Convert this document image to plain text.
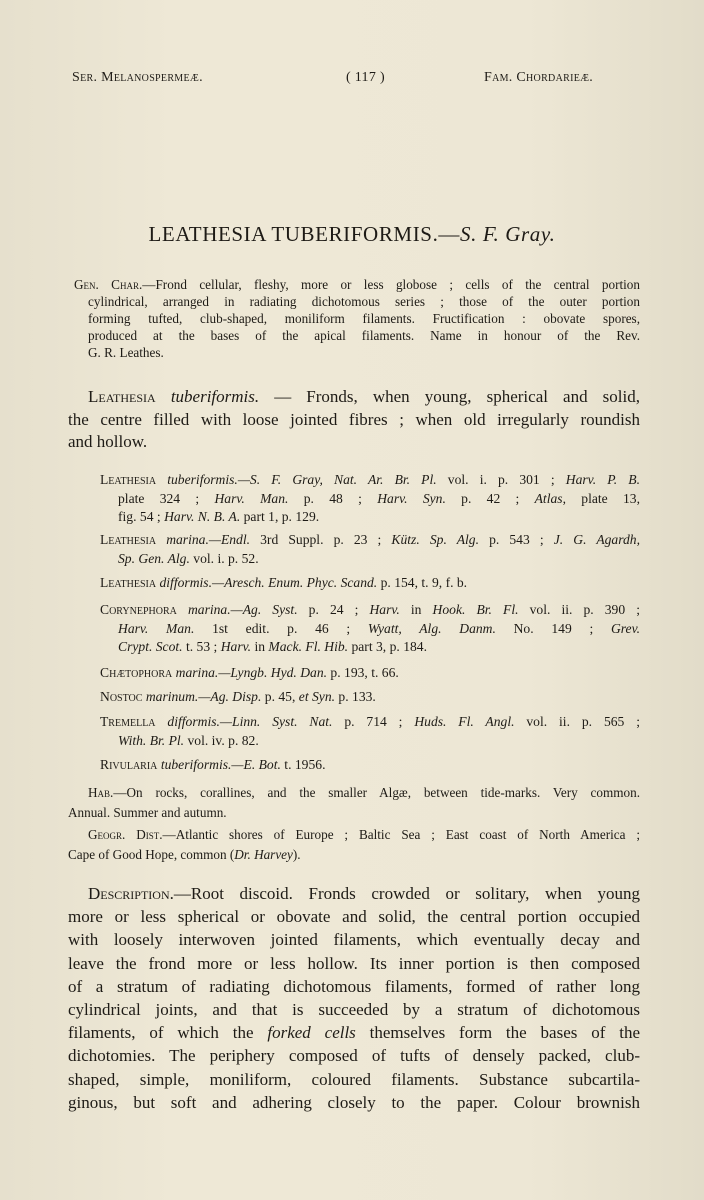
Ser. Melanospermeæ.	( 117 )	Fam. Chordarieæ.
LEATHESIA TUBERIFORMIS.—S. F. Gray.
Gen. Char.—Frond cellular, fleshy, more or less globose ; cells of the central portion
cylindrical, arranged in radiating dichotomous series ; those of the outer portion
forming tufted, club-shaped, moniliform filaments. Fructification : obovate spores,
produced at the bases of the apical filaments. Name in honour of the Rev.
G. R. Leathes.
Leathesia tuberiformis. — Fronds, when young, spherical and solid,
the centre filled with loose jointed fibres ; when old irregularly roundish
and hollow.
Leathesia tuberiformis.—S. F. Gray, Nat. Ar. Br. Pl. vol. i. p. 301 ; Harv. P. B.
plate 324 ; Harv. Man. p. 48 ; Harv. Syn. p. 42 ; Atlas, plate 13,
fig. 54 ; Harv. N. B. A. part 1, p. 129.
Leathesia marina.—Endl. 3rd Suppl. p. 23 ; Kütz. Sp. Alg. p. 543 ; J. G. Agardh,
Sp. Gen. Alg. vol. i. p. 52.
Leathesia difformis.—Aresch. Enum. Phyc. Scand. p. 154, t. 9, f. b.
Corynephora marina.—Ag. Syst. p. 24 ; Harv. in Hook. Br. Fl. vol. ii. p. 390 ;
Harv. Man. 1st edit. p. 46 ; Wyatt, Alg. Danm. No. 149 ; Grev.
Crypt. Scot. t. 53 ; Harv. in Mack. Fl. Hib. part 3, p. 184.
Chætophora marina.—Lyngb. Hyd. Dan. p. 193, t. 66.
Nostoc marinum.—Ag. Disp. p. 45, et Syn. p. 133.
Tremella difformis.—Linn. Syst. Nat. p. 714 ; Huds. Fl. Angl. vol. ii. p. 565 ;
With. Br. Pl. vol. iv. p. 82.
Rivularia tuberiformis.—E. Bot. t. 1956.
Hab.—On rocks, corallines, and the smaller Algæ, between tide-marks. Very common.
Annual. Summer and autumn.
Geogr. Dist.—Atlantic shores of Europe ; Baltic Sea ; East coast of North America ;
Cape of Good Hope, common (Dr. Harvey).
Description.—Root discoid. Fronds crowded or solitary, when young
more or less spherical or obovate and solid, the central portion occupied
with loosely interwoven jointed filaments, which eventually decay and
leave the frond more or less hollow. Its inner portion is then composed
of a stratum of radiating dichotomous filaments, formed of rather long
cylindrical joints, and that is succeeded by a stratum of dichotomous
filaments, of which the forked cells themselves form the bases of the
dichotomies. The periphery composed of tufts of densely packed, club-
shaped, simple, moniliform, coloured filaments. Substance subcartila-
ginous, but soft and adhering closely to the paper. Colour brownish
